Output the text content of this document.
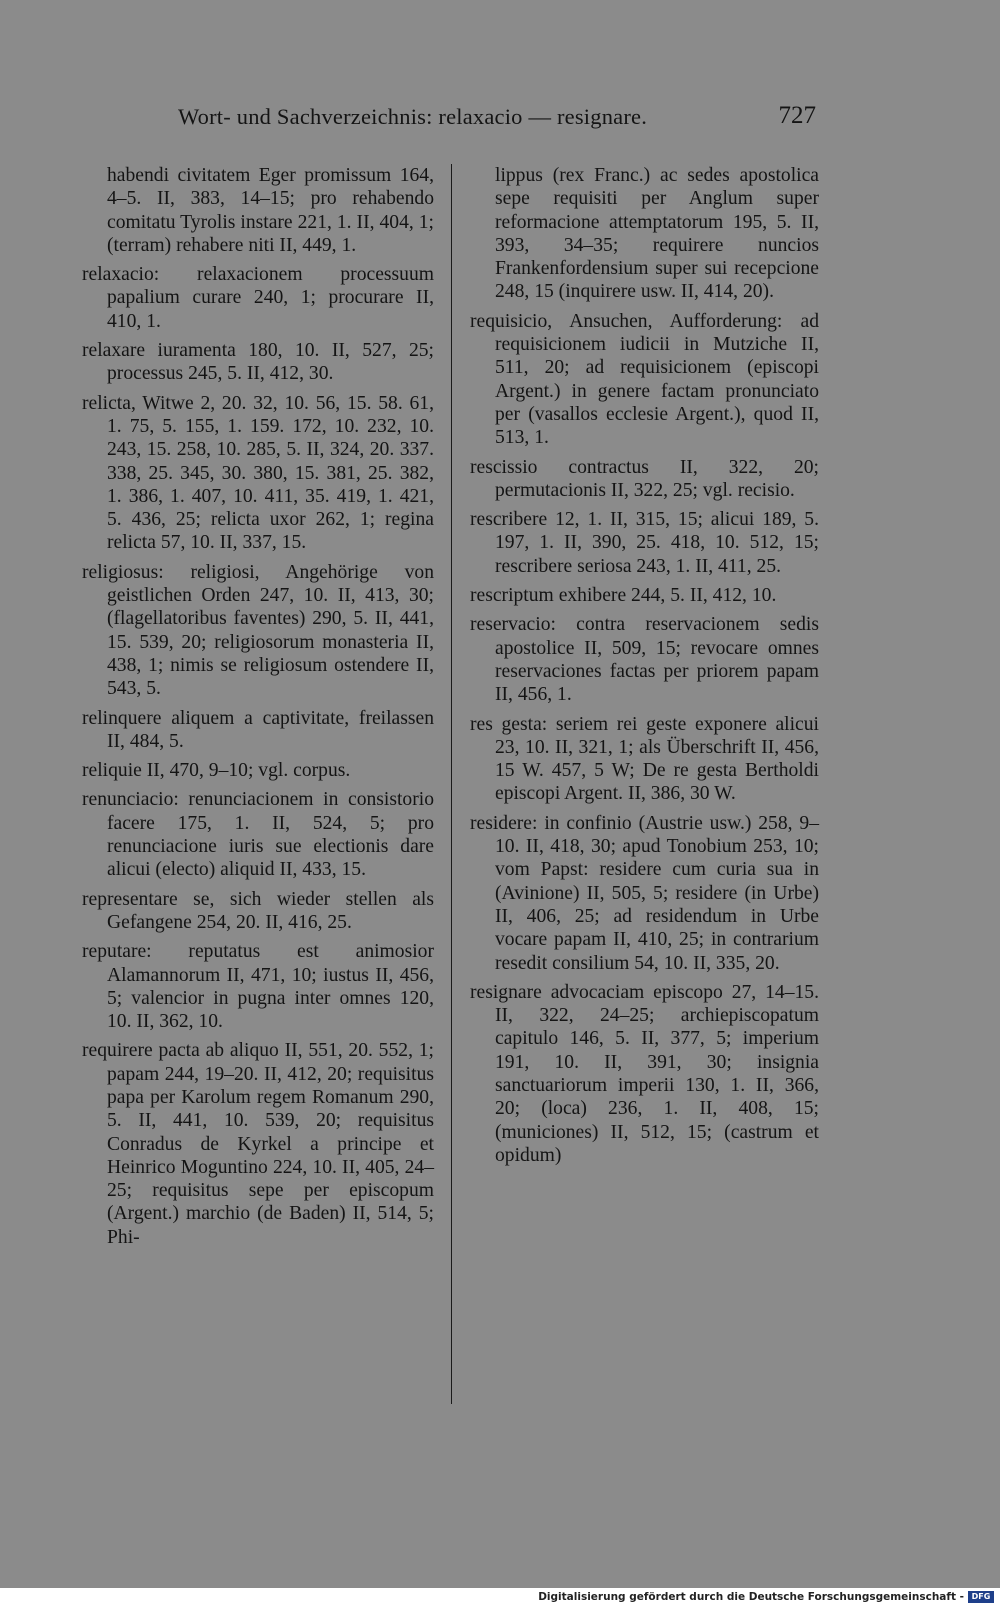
Wort- und Sachverzeichnis: relaxacio — resignare.	727

habendi civitatem Eger promissum 164, 4–5. II, 383, 14–15; pro rehabendo comitatu Tyrolis instare 221, 1. II, 404, 1; (terram) rehabere niti II, 449, 1.

relaxacio: relaxacionem processuum papalium curare 240, 1; procurare II, 410, 1.

relaxare iuramenta 180, 10. II, 527, 25; processus 245, 5. II, 412, 30.

relicta, Witwe 2, 20. 32, 10. 56, 15. 58. 61, 1. 75, 5. 155, 1. 159. 172, 10. 232, 10. 243, 15. 258, 10. 285, 5. II, 324, 20. 337. 338, 25. 345, 30. 380, 15. 381, 25. 382, 1. 386, 1. 407, 10. 411, 35. 419, 1. 421, 5. 436, 25; relicta uxor 262, 1; regina relicta 57, 10. II, 337, 15.

religiosus: religiosi, Angehörige von geistlichen Orden 247, 10. II, 413, 30; (flagellatoribus faventes) 290, 5. II, 441, 15. 539, 20; religiosorum monasteria II, 438, 1; nimis se religiosum ostendere II, 543, 5.

relinquere aliquem a captivitate, freilassen II, 484, 5.

reliquie II, 470, 9–10; vgl. corpus.

renunciacio: renunciacionem in consistorio facere 175, 1. II, 524, 5; pro renunciacione iuris sue electionis dare alicui (electo) aliquid II, 433, 15.

representare se, sich wieder stellen als Gefangene 254, 20. II, 416, 25.

reputare: reputatus est animosior Alamannorum II, 471, 10; iustus II, 456, 5; valencior in pugna inter omnes 120, 10. II, 362, 10.

requirere pacta ab aliquo II, 551, 20. 552, 1; papam 244, 19–20. II, 412, 20; requisitus papa per Karolum regem Romanum 290, 5. II, 441, 10. 539, 20; requisitus Conradus de Kyrkel a principe et Heinrico Moguntino 224, 10. II, 405, 24–25; requisitus sepe per episcopum (Argent.) marchio (de Baden) II, 514, 5; Phi-

lippus (rex Franc.) ac sedes apostolica sepe requisiti per Anglum super reformacione attemptatorum 195, 5. II, 393, 34–35; requirere nuncios Frankenfordensium super sui recepcione 248, 15 (inquirere usw. II, 414, 20).

requisicio, Ansuchen, Aufforderung: ad requisicionem iudicii in Mutziche II, 511, 20; ad requisicionem (episcopi Argent.) in genere factam pronunciato per (vasallos ecclesie Argent.), quod II, 513, 1.

rescissio contractus II, 322, 20; permutacionis II, 322, 25; vgl. recisio.

rescribere 12, 1. II, 315, 15; alicui 189, 5. 197, 1. II, 390, 25. 418, 10. 512, 15; rescribere seriosa 243, 1. II, 411, 25.

rescriptum exhibere 244, 5. II, 412, 10.

reservacio: contra reservacionem sedis apostolice II, 509, 15; revocare omnes reservaciones factas per priorem papam II, 456, 1.

res gesta: seriem rei geste exponere alicui 23, 10. II, 321, 1; als Überschrift II, 456, 15 W. 457, 5 W; De re gesta Bertholdi episcopi Argent. II, 386, 30 W.

residere: in confinio (Austrie usw.) 258, 9–10. II, 418, 30; apud Tonobium 253, 10; vom Papst: residere cum curia sua in (Avinione) II, 505, 5; residere (in Urbe) II, 406, 25; ad residendum in Urbe vocare papam II, 410, 25; in contrarium resedit consilium 54, 10. II, 335, 20.

resignare advocaciam episcopo 27, 14–15. II, 322, 24–25; archiepiscopatum capitulo 146, 5. II, 377, 5; imperium 191, 10. II, 391, 30; insignia sanctuariorum imperii 130, 1. II, 366, 20; (loca) 236, 1. II, 408, 15; (municiones) II, 512, 15; (castrum et opidum)

Digitalisierung gefördert durch die Deutsche Forschungsgemeinschaft - DFG
